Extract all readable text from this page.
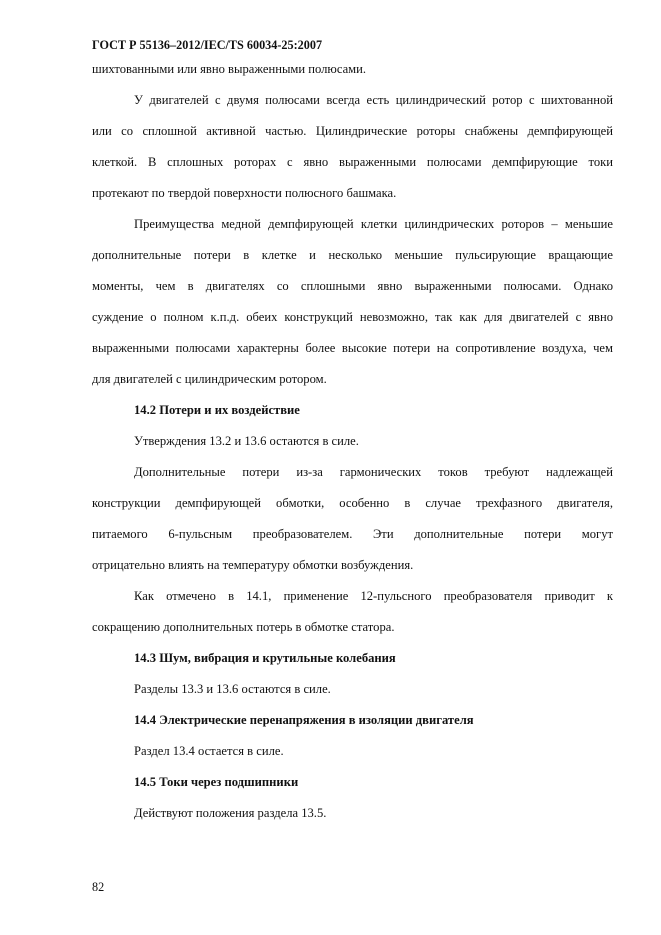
ГОСТ Р 55136–2012/IEC/TS 60034-25:2007
шихтованными или явно выраженными полюсами.
У двигателей с двумя полюсами всегда есть цилиндрический ротор с шихтованной
или со сплошной активной частью. Цилиндрические роторы снабжены демпфирующей
клеткой. В сплошных роторах с явно выраженными полюсами демпфирующие токи
протекают по твердой поверхности полюсного башмака.
Преимущества медной демпфирующей клетки цилиндрических роторов – меньшие
дополнительные потери в клетке и несколько меньшие пульсирующие вращающие
моменты, чем в двигателях со сплошными явно выраженными полюсами. Однако
суждение о полном к.п.д. обеих конструкций невозможно, так как для двигателей с явно
выраженными полюсами характерны более высокие потери на сопротивление воздуха, чем
для двигателей с цилиндрическим ротором.
14.2 Потери и их воздействие
Утверждения 13.2 и 13.6 остаются в силе.
Дополнительные потери из-за гармонических токов требуют надлежащей
конструкции демпфирующей обмотки, особенно в случае трехфазного двигателя,
питаемого 6-пульсным преобразователем. Эти дополнительные потери могут
отрицательно влиять на температуру обмотки возбуждения.
Как отмечено в 14.1, применение 12-пульсного преобразователя приводит к
сокращению дополнительных потерь в обмотке статора.
14.3 Шум, вибрация и крутильные колебания
Разделы 13.3 и 13.6 остаются в силе.
14.4 Электрические перенапряжения в изоляции двигателя
Раздел 13.4 остается в силе.
14.5 Токи через подшипники
Действуют положения раздела 13.5.
82
